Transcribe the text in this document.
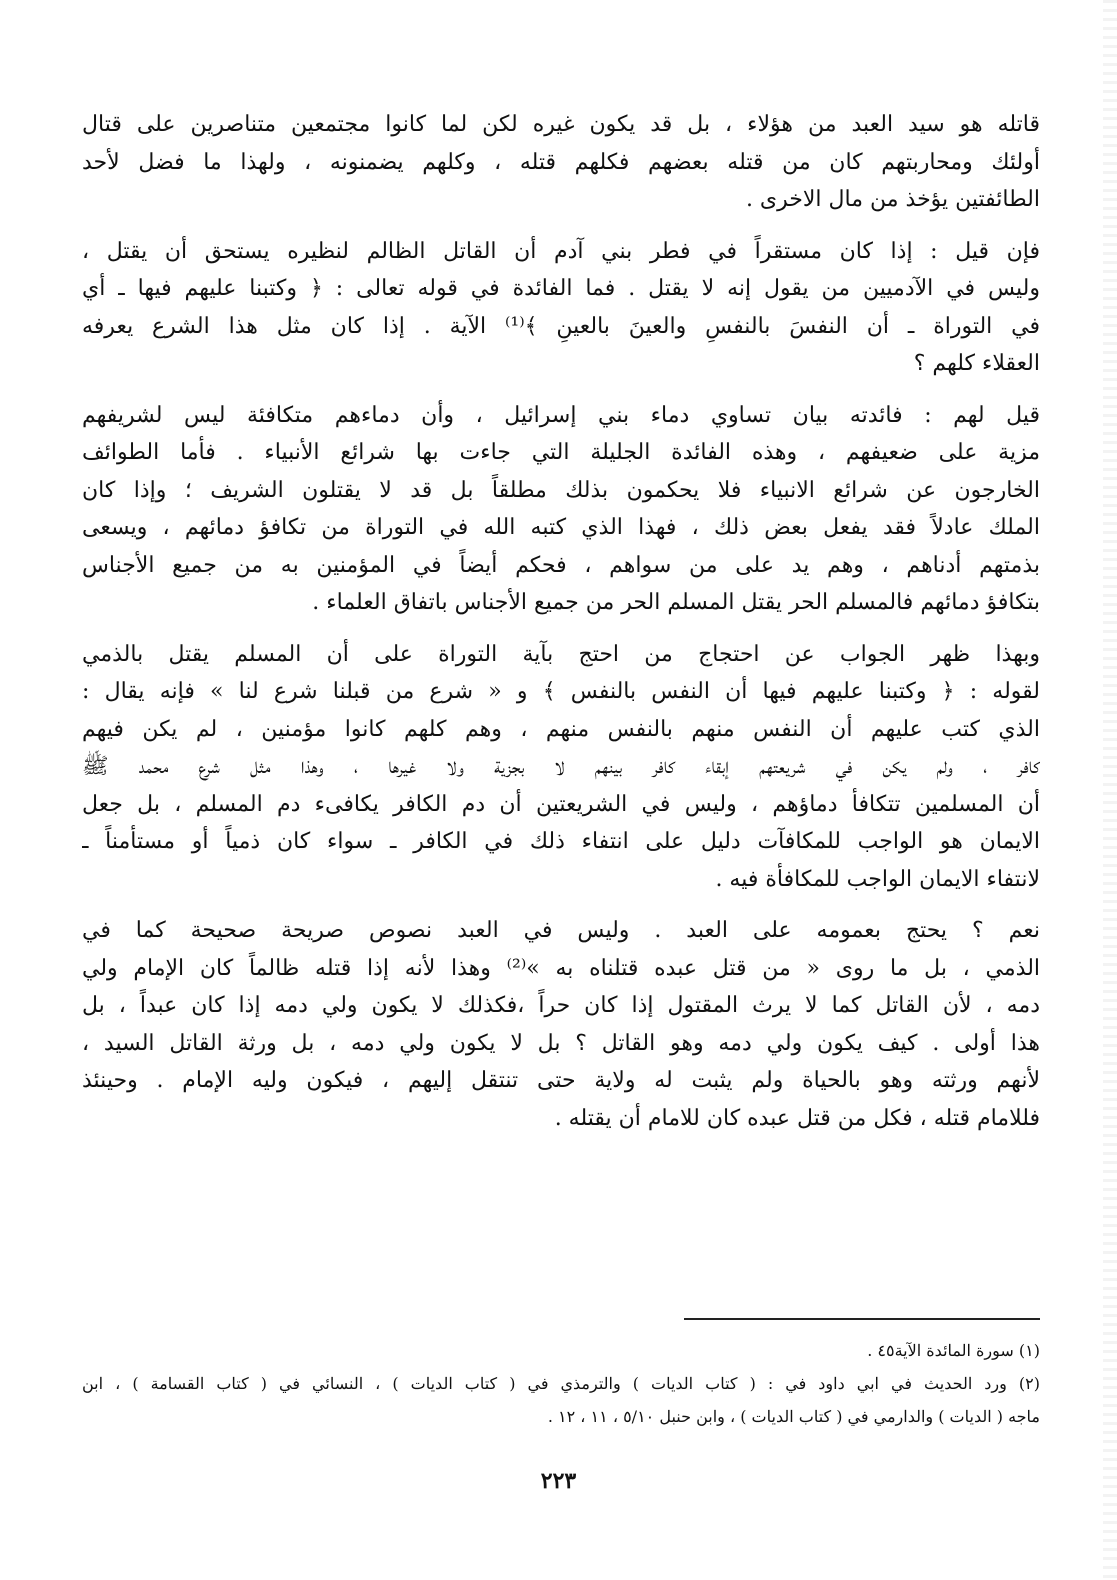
قاتله هو سيد العبد من هؤلاء ، بل قد يكون غيره لكن لما كانوا مجتمعين متناصرين على قتال
أولئك ومحاربتهم كان من قتله بعضهم فكلهم قتله ، وكلهم يضمنونه ، ولهذا ما فضل لأحد
الطائفتين يؤخذ من مال الاخرى .

فإن قيل : إذا كان مستقراً في فطر بني آدم أن القاتل الظالم لنظيره يستحق أن يقتل ،
وليس في الآدميين من يقول إنه لا يقتل . فما الفائدة في قوله تعالى : ﴿ وكتبنا عليهم فيها ـ أي
في التوراة ـ أن النفسَ بالنفسِ والعينَ بالعينِ ﴾⁽¹⁾ الآية . إذا كان مثل هذا الشرع يعرفه
العقلاء كلهم ؟

قيل لهم : فائدته بيان تساوي دماء بني إسرائيل ، وأن دماءهم متكافئة ليس لشريفهم
مزية على ضعيفهم ، وهذه الفائدة الجليلة التي جاءت بها شرائع الأنبياء . فأما الطوائف
الخارجون عن شرائع الانبياء فلا يحكمون بذلك مطلقاً بل قد لا يقتلون الشريف ؛ وإذا كان
الملك عادلاً فقد يفعل بعض ذلك ، فهذا الذي كتبه الله في التوراة من تكافؤ دمائهم ، ويسعى
بذمتهم أدناهم ، وهم يد على من سواهم ، فحكم أيضاً في المؤمنين به من جميع الأجناس
بتكافؤ دمائهم فالمسلم الحر يقتل المسلم الحر من جميع الأجناس باتفاق العلماء .

وبهذا ظهر الجواب عن احتجاج من احتج بآية التوراة على أن المسلم يقتل بالذمي
لقوله : ﴿ وكتبنا عليهم فيها أن النفس بالنفس ﴾ و « شرع من قبلنا شرع لنا » فإنه يقال :
الذي كتب عليهم أن النفس منهم بالنفس منهم ، وهم كلهم كانوا مؤمنين ، لم يكن فيهم
كافر ، ولم يكن في شريعتهم إبقاء كافر بينهم لا بجزية ولا غيرها ، وهذا مثل شرع محمد ﷺ
أن المسلمين تتكافأ دماؤهم ، وليس في الشريعتين أن دم الكافر يكافىء دم المسلم ، بل جعل
الايمان هو الواجب للمكافآت دليل على انتفاء ذلك في الكافر ـ سواء كان ذمياً أو مستأمناً ـ
لانتفاء الايمان الواجب للمكافأة فيه .

نعم ؟ يحتج بعمومه على العبد . وليس في العبد نصوص صريحة صحيحة كما في
الذمي ، بل ما روى « من قتل عبده قتلناه به »⁽²⁾ وهذا لأنه إذا قتله ظالماً كان الإمام ولي
دمه ، لأن القاتل كما لا يرث المقتول إذا كان حراً ،فكذلك لا يكون ولي دمه إذا كان عبداً ، بل
هذا أولى . كيف يكون ولي دمه وهو القاتل ؟ بل لا يكون ولي دمه ، بل ورثة القاتل السيد ،
لأنهم ورثته وهو بالحياة ولم يثبت له ولاية حتى تنتقل إليهم ، فيكون وليه الإمام . وحينئذ
فللامام قتله ، فكل من قتل عبده كان للامام أن يقتله .

(١) سورة المائدة الآية٤٥ .
(٢) ورد الحديث في ابي داود في : ( كتاب الديات ) والترمذي في ( كتاب الديات ) ، النسائي في ( كتاب القسامة ) ، ابن
ماجه ( الديات ) والدارمي في ( كتاب الديات ) ، وابن حنبل ٥/١٠ ، ١١ ، ١٢ .
٢٢٣
